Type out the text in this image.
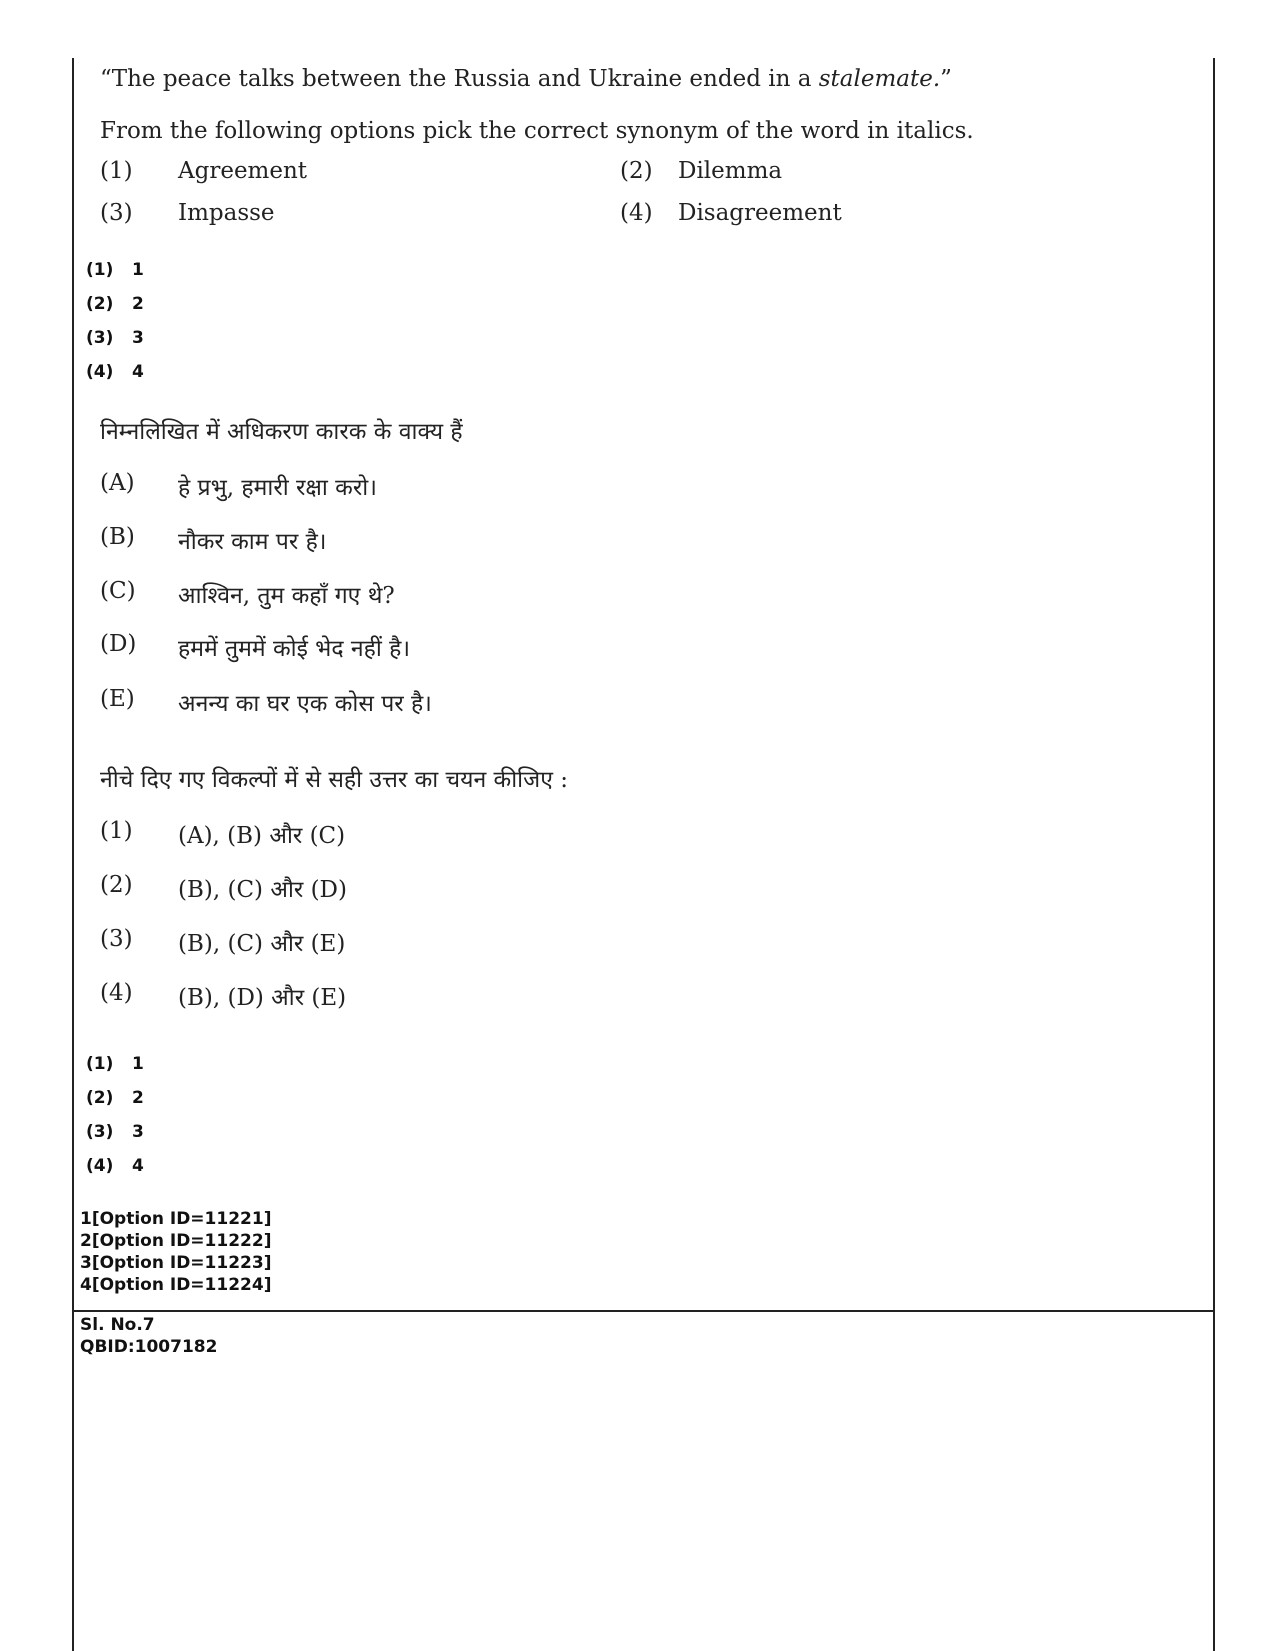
“The peace talks between the Russia and Ukraine ended in a stalemate.”
From the following options pick the correct synonym of the word in italics.
(1) Agreement	(2) Dilemma
(3) Impasse	(4) Disagreement
(1) 1
(2) 2
(3) 3
(4) 4
निम्नलिखित में अधिकरण कारक के वाक्य हैं
(A) हे प्रभु, हमारी रक्षा करो।
(B) नौकर काम पर है।
(C) आश्विन, तुम कहाँ गए थे?
(D) हममें तुममें कोई भेद नहीं है।
(E) अनन्य का घर एक कोस पर है।
नीचे दिए गए विकल्पों में से सही उत्तर का चयन कीजिए :
(1) (A), (B) और (C)
(2) (B), (C) और (D)
(3) (B), (C) और (E)
(4) (B), (D) और (E)
(1) 1
(2) 2
(3) 3
(4) 4
1[Option ID=11221]
2[Option ID=11222]
3[Option ID=11223]
4[Option ID=11224]
Sl. No.7
QBID:1007182
